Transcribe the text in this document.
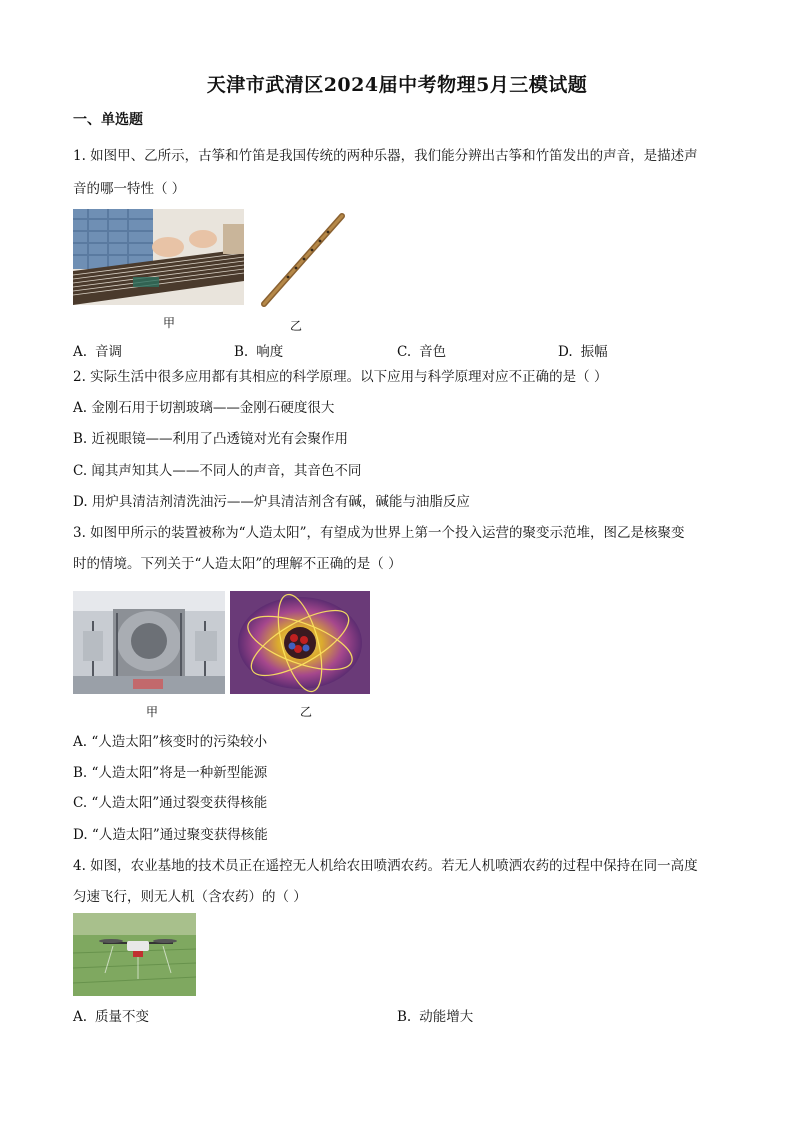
天津市武清区2024届中考物理5月三模试题
一、单选题
1. 如图甲、乙所示，古筝和竹笛是我国传统的两种乐器，我们能分辨出古筝和竹笛发出的声音，是描述声
音的哪一特性（ ）
甲	乙
A. 音调	B. 响度	C. 音色	D. 振幅
2. 实际生活中很多应用都有其相应的科学原理。以下应用与科学原理对应不正确的是（ ）
A. 金刚石用于切割玻璃——金刚石硬度很大
B. 近视眼镜——利用了凸透镜对光有会聚作用
C. 闻其声知其人——不同人的声音，其音色不同
D. 用炉具清洁剂清洗油污——炉具清洁剂含有碱，碱能与油脂反应
3. 如图甲所示的装置被称为“人造太阳”，有望成为世界上第一个投入运营的聚变示范堆，图乙是核聚变
时的情境。下列关于“人造太阳”的理解不正确的是（ ）
甲	乙
A. “人造太阳”核变时的污染较小
B. “人造太阳”将是一种新型能源
C. “人造太阳”通过裂变获得核能
D. “人造太阳”通过聚变获得核能
4. 如图，农业基地的技术员正在遥控无人机给农田喷洒农药。若无人机喷洒农药的过程中保持在同一高度
匀速飞行，则无人机（含农药）的（ ）
A. 质量不变	B. 动能增大
